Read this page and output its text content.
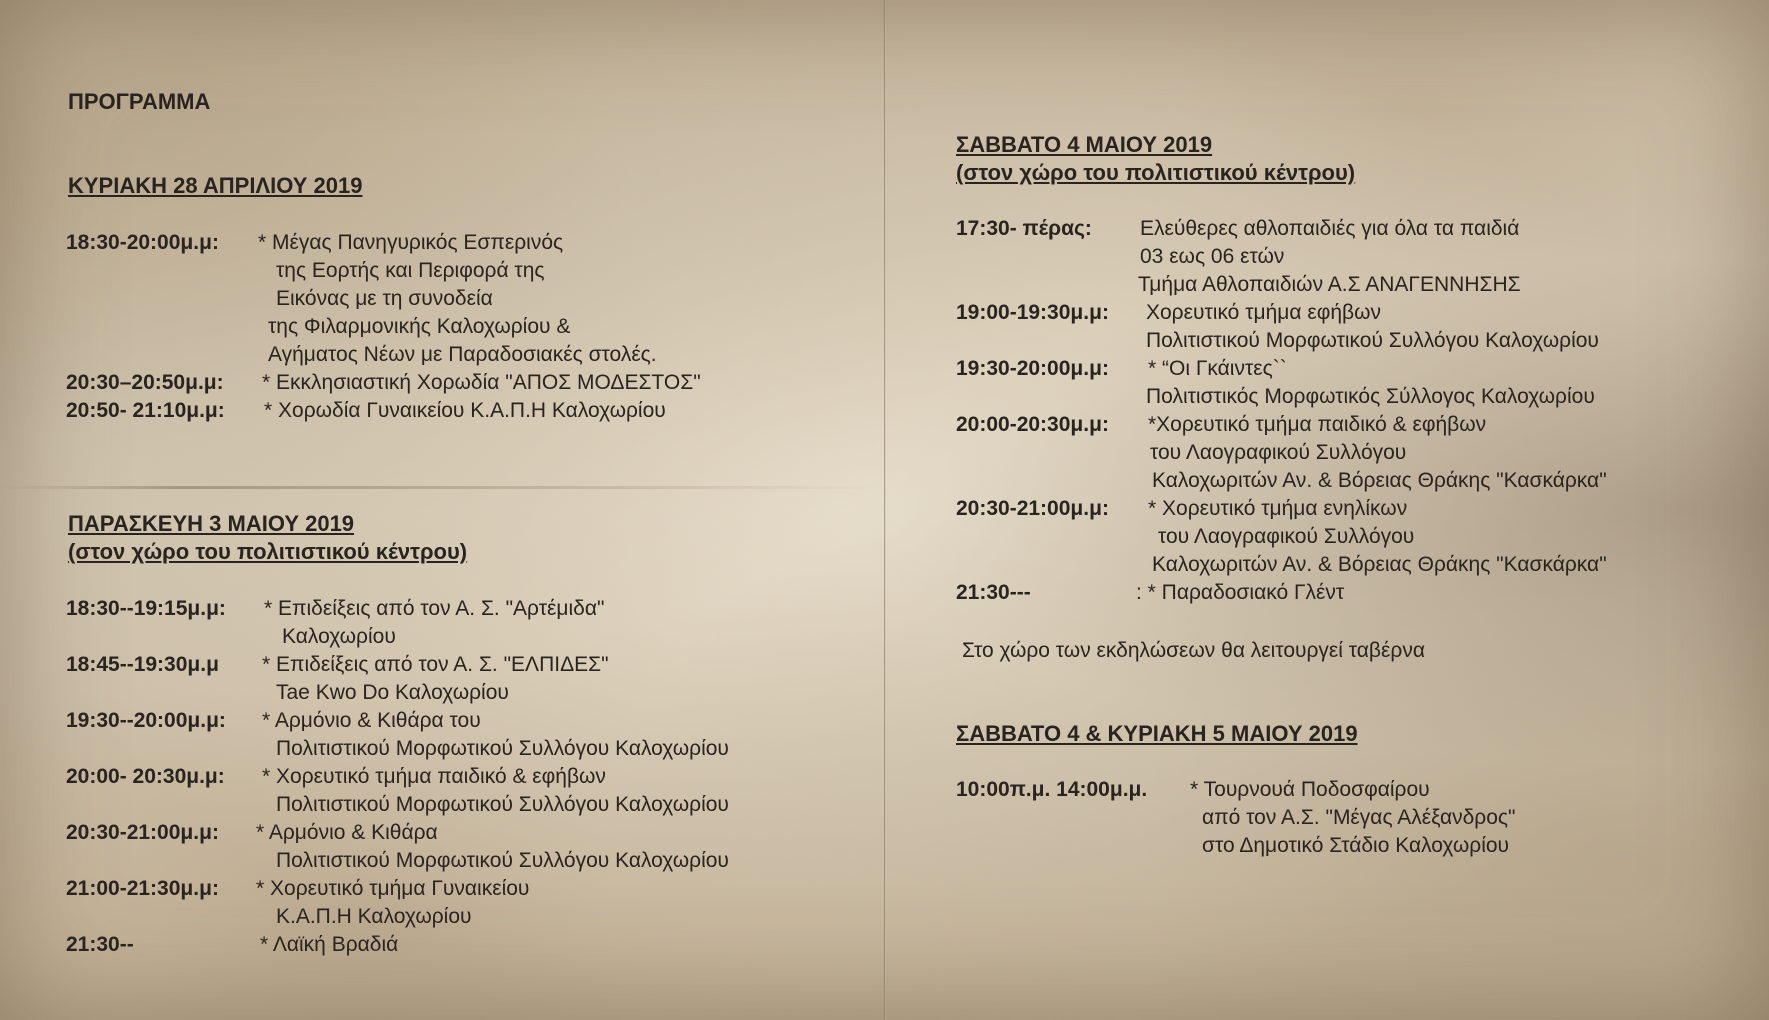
ΠΡΟΓΡΑΜΜΑ
ΚΥΡΙΑΚΗ 28 ΑΠΡΙΛΙΟΥ 2019
18:30-20:00μ.μ: * Μέγας Πανηγυρικός Εσπερινός
της Εορτής και Περιφορά της
Εικόνας με τη συνοδεία
της Φιλαρμονικής Καλοχωρίου &
Αγήματος Νέων με Παραδοσιακές στολές.
20:30–20:50μ.μ: * Εκκλησιαστική Χορωδία "ΑΠΟΣ ΜΟΔΕΣΤΟΣ"
20:50- 21:10μ.μ: * Χορωδία Γυναικείου Κ.Α.Π.Η Καλοχωρίου
ΠΑΡΑΣΚΕΥΗ 3 ΜΑΙΟΥ 2019
(στον χώρο του πολιτιστικού κέντρου)
18:30--19:15μ.μ: * Επιδείξεις από τον Α. Σ. "Αρτέμιδα"
Καλοχωρίου
18:45--19:30μ.μ * Επιδείξεις από τον Α. Σ. "ΕΛΠΙΔΕΣ"
Tae Kwo Do Καλοχωρίου
19:30--20:00μ.μ: * Αρμόνιο & Κιθάρα του
Πολιτιστικού Μορφωτικού Συλλόγου Καλοχωρίου
20:00- 20:30μ.μ: * Χορευτικό τμήμα παιδικό & εφήβων
Πολιτιστικού Μορφωτικού Συλλόγου Καλοχωρίου
20:30-21:00μ.μ: * Αρμόνιο & Κιθάρα
Πολιτιστικού Μορφωτικού Συλλόγου Καλοχωρίου
21:00-21:30μ.μ: * Χορευτικό τμήμα Γυναικείου
Κ.Α.Π.Η Καλοχωρίου
21:30--	* Λαϊκή Βραδιά
ΣΑΒΒΑΤΟ 4 ΜΑΙΟΥ 2019
(στον χώρο του πολιτιστικού κέντρου)
17:30- πέρας: Ελεύθερες αθλοπαιδιές για όλα τα παιδιά
03 εως 06 ετών
Τμήμα Αθλοπαιδιών Α.Σ ΑΝΑΓΕΝΝΗΣΗΣ
19:00-19:30μ.μ: Χορευτικό τμήμα εφήβων
Πολιτιστικού Μορφωτικού Συλλόγου Καλοχωρίου
19:30-20:00μ.μ: * “Οι Γκάιντες``
Πολιτιστικός Μορφωτικός Σύλλογος Καλοχωρίου
20:00-20:30μ.μ: *Χορευτικό τμήμα παιδικό & εφήβων
του Λαογραφικού Συλλόγου
Καλοχωριτών Αν. & Βόρειας Θράκης "Κασκάρκα"
20:30-21:00μ.μ: * Χορευτικό τμήμα ενηλίκων
του Λαογραφικού Συλλόγου
Καλοχωριτών Αν. & Βόρειας Θράκης "Κασκάρκα"
21:30---	: * Παραδοσιακό Γλέντ
Στο χώρο των εκδηλώσεων θα λειτουργεί ταβέρνα
ΣΑΒΒΑΤΟ 4 & ΚΥΡΙΑΚΗ 5 ΜΑΙΟΥ 2019
10:00π.μ. 14:00μ.μ. * Τουρνουά Ποδοσφαίρου
από τον Α.Σ. "Μέγας Αλέξανδρος"
στο Δημοτικό Στάδιο Καλοχωρίου
